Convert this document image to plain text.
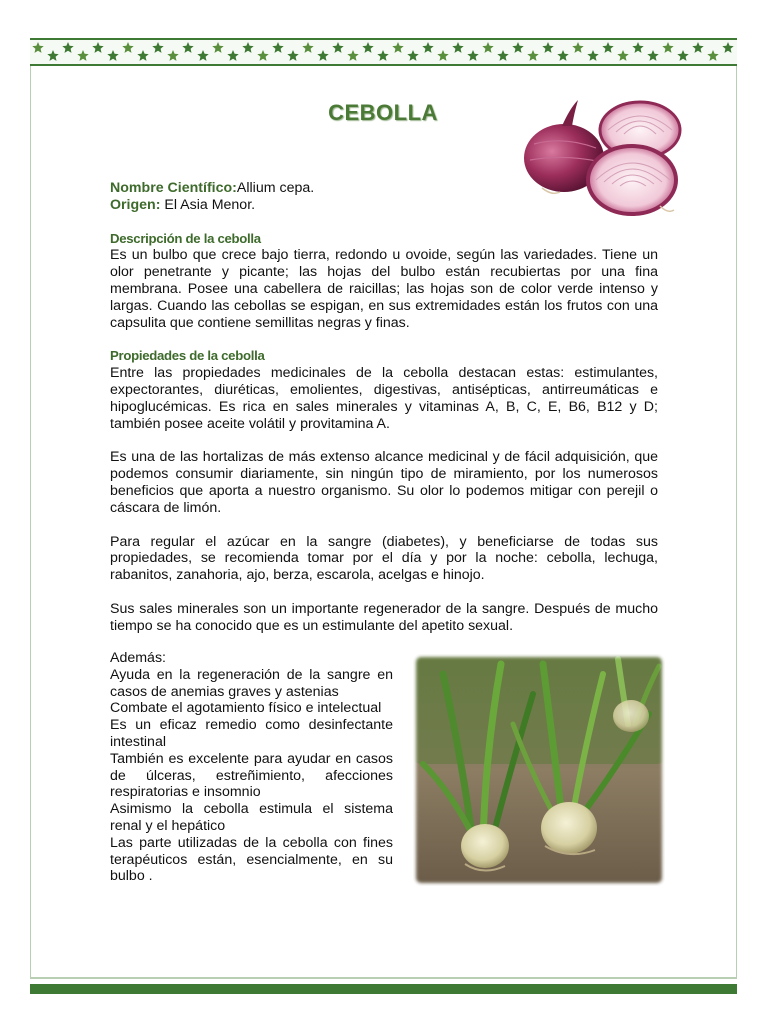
CEBOLLA

Nombre Científico:Allium cepa.

Origen: El Asia Menor.

Descripción de la cebolla

Es un bulbo que crece bajo tierra, redondo u ovoide, según las variedades. Tiene un olor penetrante y picante; las hojas del bulbo están recubiertas por una fina membrana. Posee una cabellera de raicillas; las hojas son de color verde intenso y largas. Cuando las cebollas se espigan, en sus extremidades están los frutos con una capsulita que contiene semillitas negras y finas.

Propiedades de la cebolla

Entre las propiedades medicinales de la cebolla destacan estas: estimulantes, expectorantes, diuréticas, emolientes, digestivas, antisépticas, antirreumáticas e hipoglucémicas. Es rica en sales minerales y vitaminas A, B, C, E, B6, B12 y D; también posee aceite volátil y provitamina A.

Es una de las hortalizas de más extenso alcance medicinal y de fácil adquisición, que podemos consumir diariamente, sin ningún tipo de miramiento, por los numerosos beneficios que aporta a nuestro organismo. Su olor lo podemos mitigar con perejil o cáscara de limón.

Para regular el azúcar en la sangre (diabetes), y beneficiarse de todas sus propiedades, se recomienda tomar por el día y por la noche: cebolla, lechuga, rabanitos, zanahoria, ajo, berza, escarola, acelgas e hinojo.

Sus sales minerales son un importante regenerador de la sangre. Después de mucho tiempo se ha conocido que es un estimulante del apetito sexual.

Además:

Ayuda en la regeneración de la sangre en casos de anemias graves y astenias

Combate el agotamiento físico e intelectual

Es un eficaz remedio como desinfectante intestinal

También es excelente para ayudar en casos de úlceras, estreñimiento, afecciones respiratorias e insomnio

Asimismo la cebolla estimula el sistema renal y el hepático

Las parte utilizadas de la cebolla con fines terapéuticos están, esencialmente, en su bulbo .
